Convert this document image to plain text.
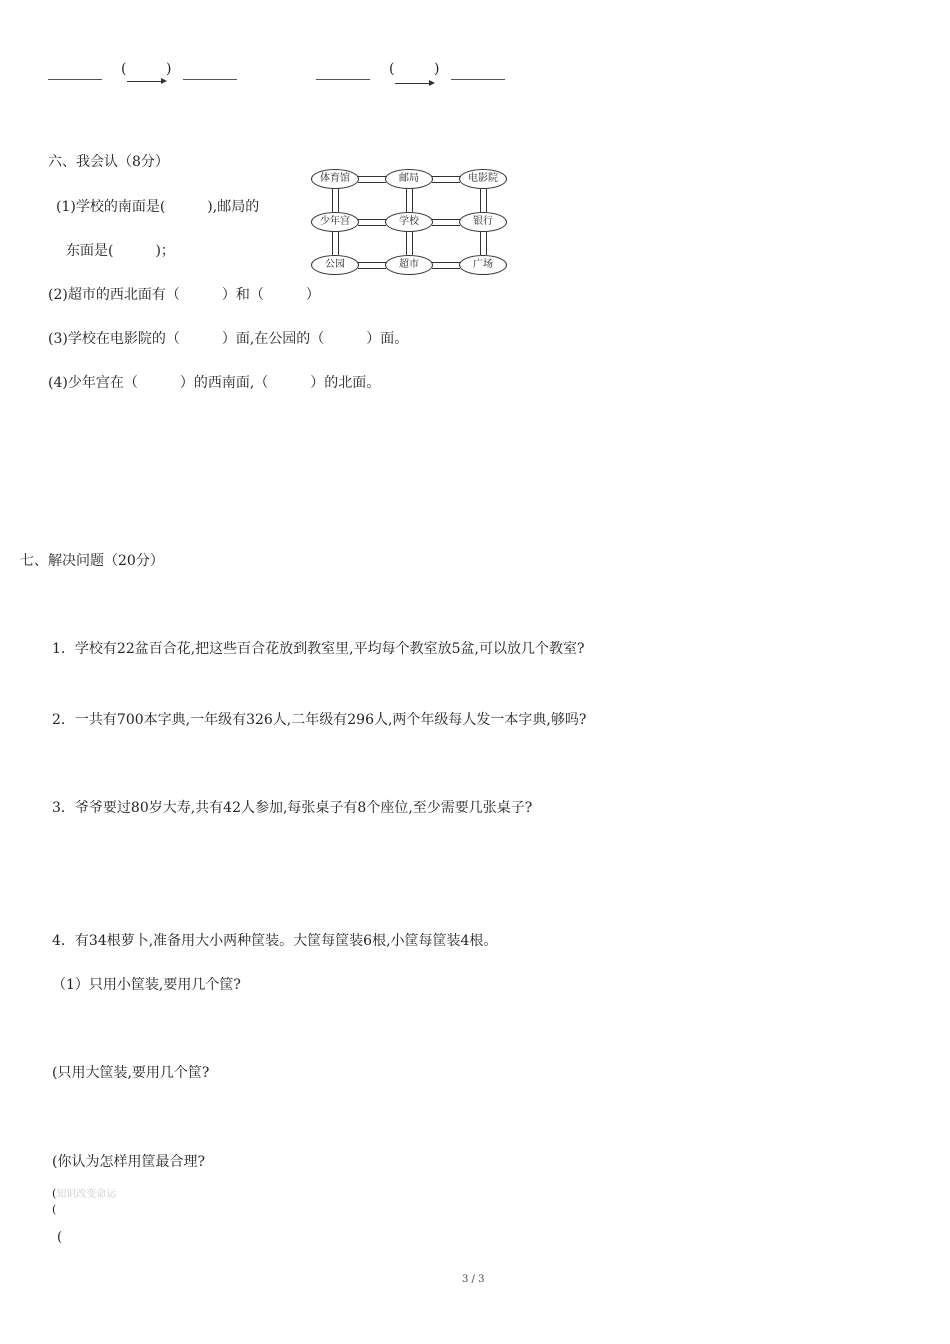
(	)	(	)
六、我会认（8分）
(1)学校的南面是(　　　),邮局的
东面是(　　　)；
(2)超市的西北面有（　　　）和（　　　）
(3)学校在电影院的（　　　）面,在公园的（　　　）面。
(4)少年宫在（　　　）的西南面,（　　　）的北面。
体育馆	邮局	电影院
少年宫	学校	银行
公园	超市	广场
七、解决问题（20分）
1．学校有22盆百合花,把这些百合花放到教室里,平均每个教室放5盆,可以放几个教室?
2．一共有700本字典,一年级有326人,二年级有296人,两个年级每人发一本字典,够吗?
3．爷爷要过80岁大寿,共有42人参加,每张桌子有8个座位,至少需要几张桌子?
4．有34根萝卜,准备用大小两种筐装。大筐每筐装6根,小筐每筐装4根。
（1）只用小筐装,要用几个筐?
(只用大筐装,要用几个筐?
(你认为怎样用筐最合理?
(知识改变命运
(
(
3 / 3
